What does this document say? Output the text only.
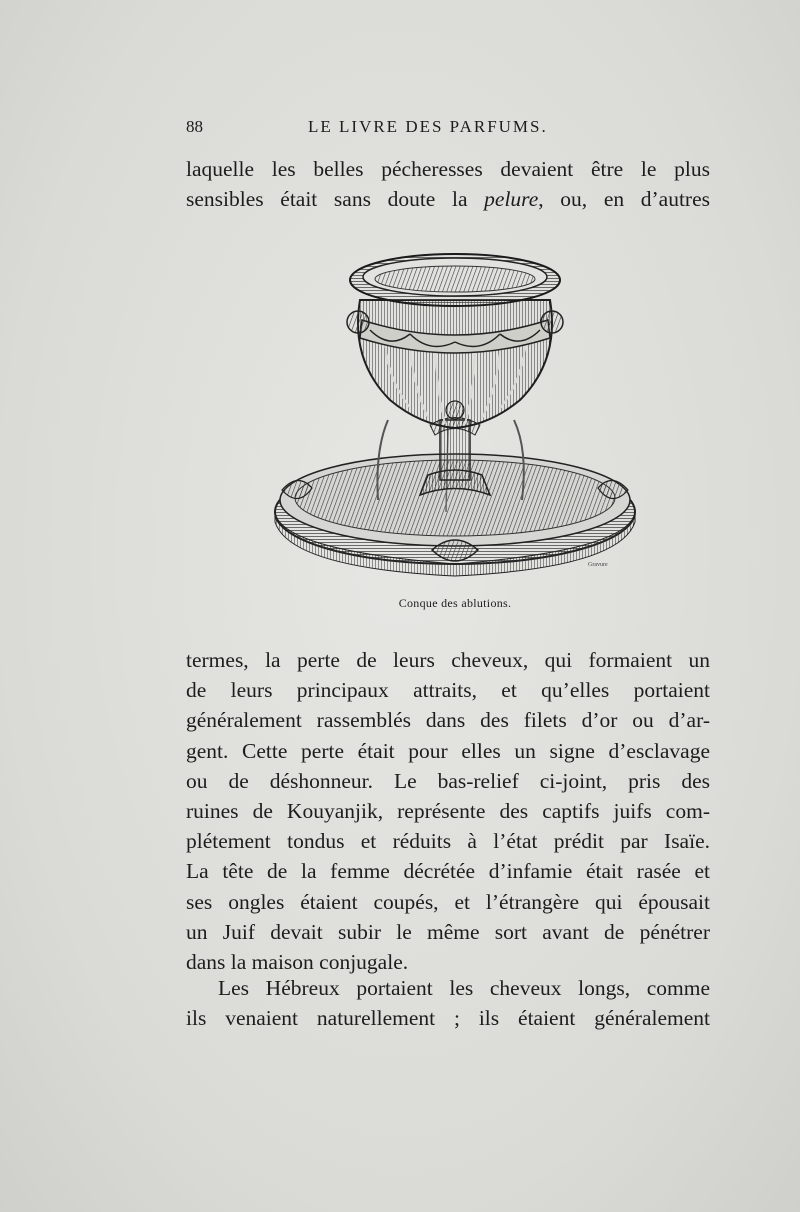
88	LE LIVRE DES PARFUMS.
laquelle les belles pécheresses devaient être le plus
sensibles était sans doute la pelure, ou, en d’autres
Gravure
Conque des ablutions.
termes, la perte de leurs cheveux, qui formaient un
de leurs principaux attraits, et qu’elles portaient
généralement rassemblés dans des filets d’or ou d’ar-
gent. Cette perte était pour elles un signe d’esclavage
ou de déshonneur. Le bas-relief ci-joint, pris des
ruines de Kouyanjik, représente des captifs juifs com-
plétement tondus et réduits à l’état prédit par Isaïe.
La tête de la femme décrétée d’infamie était rasée et
ses ongles étaient coupés, et l’étrangère qui épousait
un Juif devait subir le même sort avant de pénétrer
dans la maison conjugale.
Les Hébreux portaient les cheveux longs, comme
ils venaient naturellement ; ils étaient généralement
